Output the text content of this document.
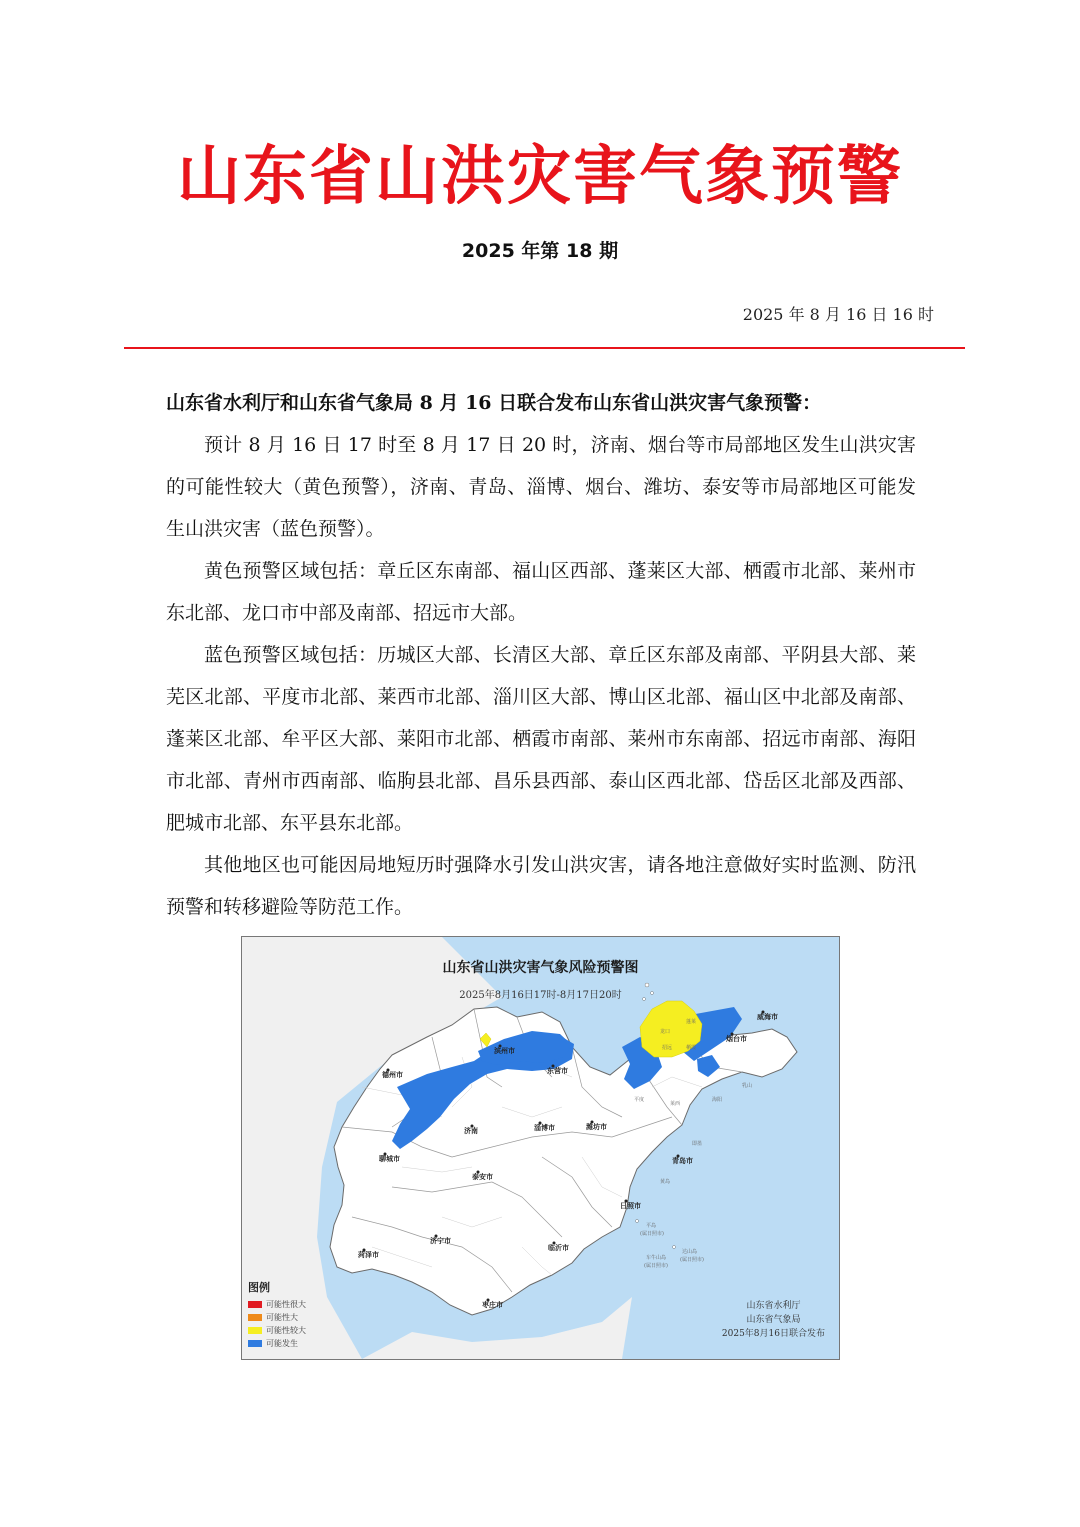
山东省山洪灾害气象预警
2025 年第 18 期
2025 年 8 月 16 日 16 时

山东省水利厅和山东省气象局 8 月 16 日联合发布山东省山洪灾害气象预警：

预计 8 月 16 日 17 时至 8 月 17 日 20 时，济南、烟台等市局部地区发生山洪灾害的可能性较大（黄色预警），济南、青岛、淄博、烟台、潍坊、泰安等市局部地区可能发生山洪灾害（蓝色预警）。

黄色预警区域包括：章丘区东南部、福山区西部、蓬莱区大部、栖霞市北部、莱州市东北部、龙口市中部及南部、招远市大部。

蓝色预警区域包括：历城区大部、长清区大部、章丘区东部及南部、平阴县大部、莱芜区北部、平度市北部、莱西市北部、淄川区大部、博山区北部、福山区中北部及南部、蓬莱区北部、牟平区大部、莱阳市北部、栖霞市南部、莱州市东南部、招远市南部、海阳市北部、青州市西南部、临朐县北部、昌乐县西部、泰山区西北部、岱岳区北部及西部、肥城市北部、东平县东北部。

其他地区也可能因局地短历时强降水引发山洪灾害，请各地注意做好实时监测、防汛预警和转移避险等防范工作。

德州市
滨州市
东营市
威海市
烟台市
济南	淄博市	潍坊市
聊城市
泰安市
青岛市
日照市
济宁市
临沂市
菏泽市
枣庄市
龙口
蓬莱
招远	栖霞
乳山
海阳
平度
莱西
即墨
黄岛
平岛
(属日照市)
车牛山岛
(属日照市)
达山岛
(属日照市)
山东省山洪灾害气象风险预警图
2025年8月16日17时-8月17日20时
图例
可能性很大
可能性大
可能性较大
可能发生
山东省水利厅
山东省气象局
2025年8月16日联合发布
